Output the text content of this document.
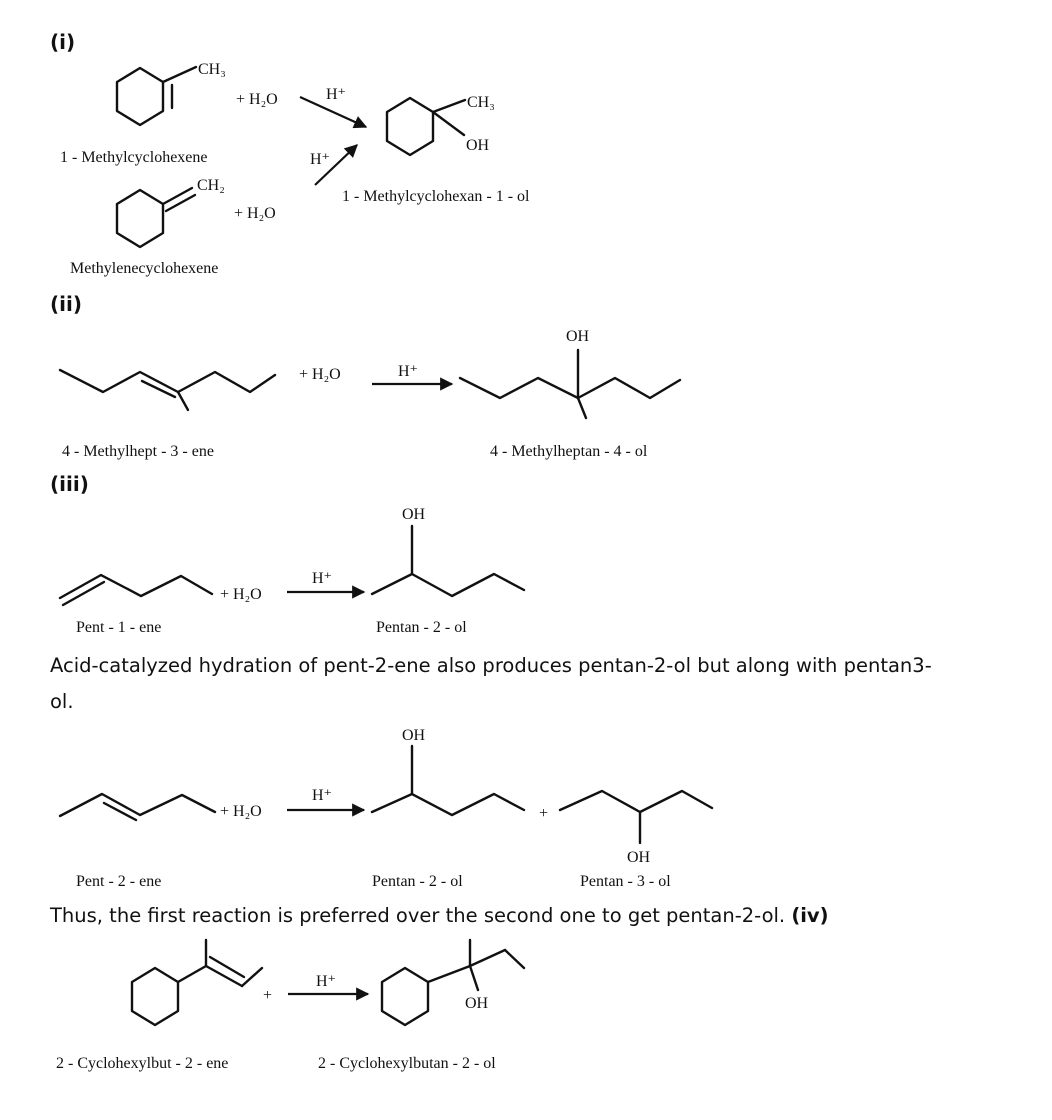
(i)
(ii)
(iii)
Acid-catalyzed hydration of pent-2-ene also produces pentan-2-ol but along with pentan3-
ol.
Thus, the first reaction is preferred over the second one to get pentan-2-ol. (iv)
CH₃
+ H₂O
1 - Methylcyclohexene
H⁺
H⁺
CH₃
OH
1 - Methylcyclohexan - 1 - ol
CH₂
+ H₂O
Methylenecyclohexene
+ H₂O	H⁺
OH
4 - Methylhept - 3 - ene	4 - Methylheptan - 4 - ol
+ H₂O
H⁺
OH
Pent - 1 - ene	Pentan - 2 - ol
+ H₂O
H⁺
OH
+
OH
Pent - 2 - ene	Pentan - 2 - ol	Pentan - 3 - ol
+
H⁺
OH
2 - Cyclohexylbut - 2 - ene	2 - Cyclohexylbutan - 2 - ol
